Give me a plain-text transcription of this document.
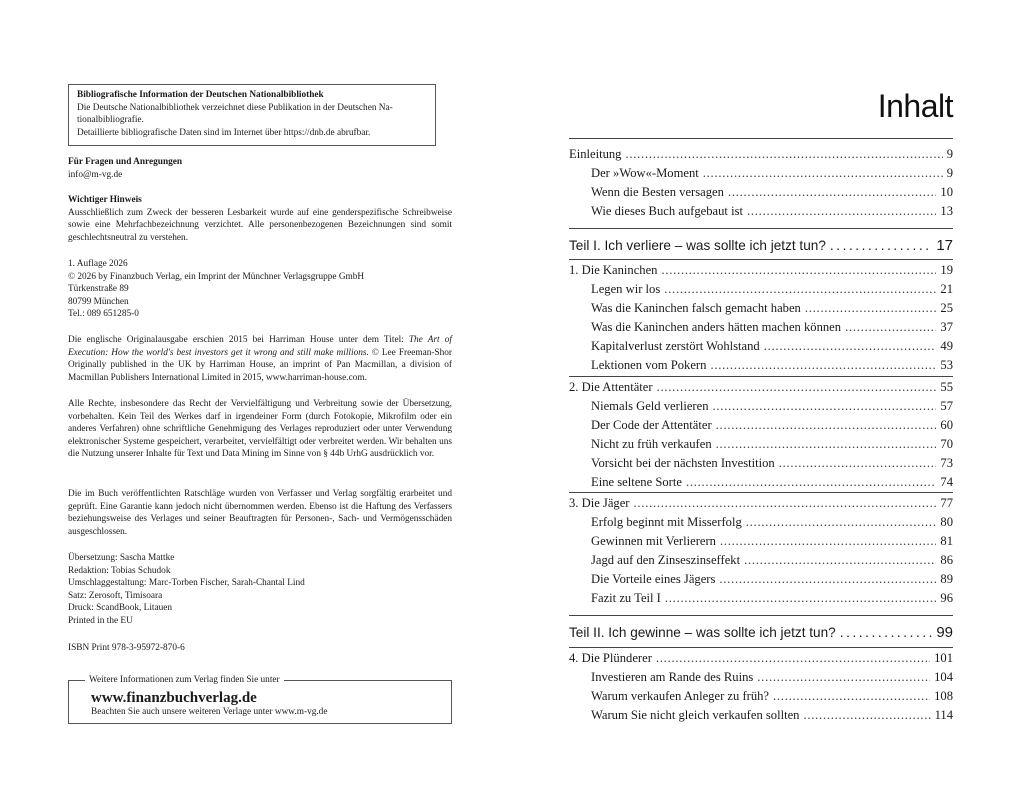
Bibliografische Information der Deutschen Nationalbibliothek
Die Deutsche Nationalbibliothek verzeichnet diese Publikation in der Deutschen Na-
tionalbibliografie.
Detaillierte bibliografische Daten sind im Internet über https://dnb.de abrufbar.
Für Fragen und Anregungen
info@m-vg.de
Wichtiger Hinweis
Ausschließlich zum Zweck der besseren Lesbarkeit wurde auf eine genderspezifische Schreibweise sowie eine Mehrfachbezeichnung verzichtet. Alle personenbezogenen Bezeichnungen sind somit geschlechtsneutral zu verstehen.
1. Auflage 2026
© 2026 by Finanzbuch Verlag, ein Imprint der Münchner Verlagsgruppe GmbH
Türkenstraße 89
80799 München
Tel.: 089 651285-0
Die englische Originalausgabe erschien 2015 bei Harriman House unter dem Titel: The Art of Execution: How the world's best investors get it wrong and still make millions. © Lee Freeman-Shor Originally published in the UK by Harriman House, an imprint of Pan Macmillan, a division of Macmillan Publishers International Limited in 2015, www.harriman-house.com.
Alle Rechte, insbesondere das Recht der Vervielfältigung und Verbreitung sowie der Übersetzung, vorbehalten. Kein Teil des Werkes darf in irgendeiner Form (durch Fotokopie, Mikrofilm oder ein anderes Verfahren) ohne schriftliche Genehmigung des Verlages reproduziert oder unter Verwendung elektronischer Systeme gespeichert, verarbeitet, vervielfältigt oder verbreitet werden. Wir behalten uns die Nutzung unserer Inhalte für Text und Data Mining im Sinne von § 44b UrhG ausdrücklich vor.
Die im Buch veröffentlichten Ratschläge wurden von Verfasser und Verlag sorgfältig erarbeitet und geprüft. Eine Garantie kann jedoch nicht übernommen werden. Ebenso ist die Haftung des Verfassers beziehungsweise des Verlages und seiner Beauftragten für Personen-, Sach- und Vermögensschäden ausgeschlossen.
Übersetzung: Sascha Mattke
Redaktion: Tobias Schudok
Umschlaggestaltung: Marc-Torben Fischer, Sarah-Chantal Lind
Satz: Zerosoft, Timisoara
Druck: ScandBook, Litauen
Printed in the EU
ISBN Print 978-3-95972-870-6
Weitere Informationen zum Verlag finden Sie unter
www.finanzbuchverlag.de
Beachten Sie auch unsere weiteren Verlage unter www.m-vg.de
Inhalt
Einleitung . . .	9
Der »Wow«-Moment . . .	9
Wenn die Besten versagen . . .	10
Wie dieses Buch aufgebaut ist . . .	13
Teil I. Ich verliere – was sollte ich jetzt tun? . . .	17
1. Die Kaninchen . . .	19
Legen wir los . . .	21
Was die Kaninchen falsch gemacht haben . . .	25
Was die Kaninchen anders hätten machen können . . .	37
Kapitalverlust zerstört Wohlstand . . .	49
Lektionen vom Pokern . . .	53
2. Die Attentäter . . .	55
Niemals Geld verlieren . . .	57
Der Code der Attentäter . . .	60
Nicht zu früh verkaufen . . .	70
Vorsicht bei der nächsten Investition . . .	73
Eine seltene Sorte . . .	74
3. Die Jäger . . .	77
Erfolg beginnt mit Misserfolg . . .	80
Gewinnen mit Verlierern . . .	81
Jagd auf den Zinseszinseffekt . . .	86
Die Vorteile eines Jägers . . .	89
Fazit zu Teil I . . .	96
Teil II. Ich gewinne – was sollte ich jetzt tun? . . .	99
4. Die Plünderer . . .	101
Investieren am Rande des Ruins . . .	104
Warum verkaufen Anleger zu früh? . . .	108
Warum Sie nicht gleich verkaufen sollten . . .	114
